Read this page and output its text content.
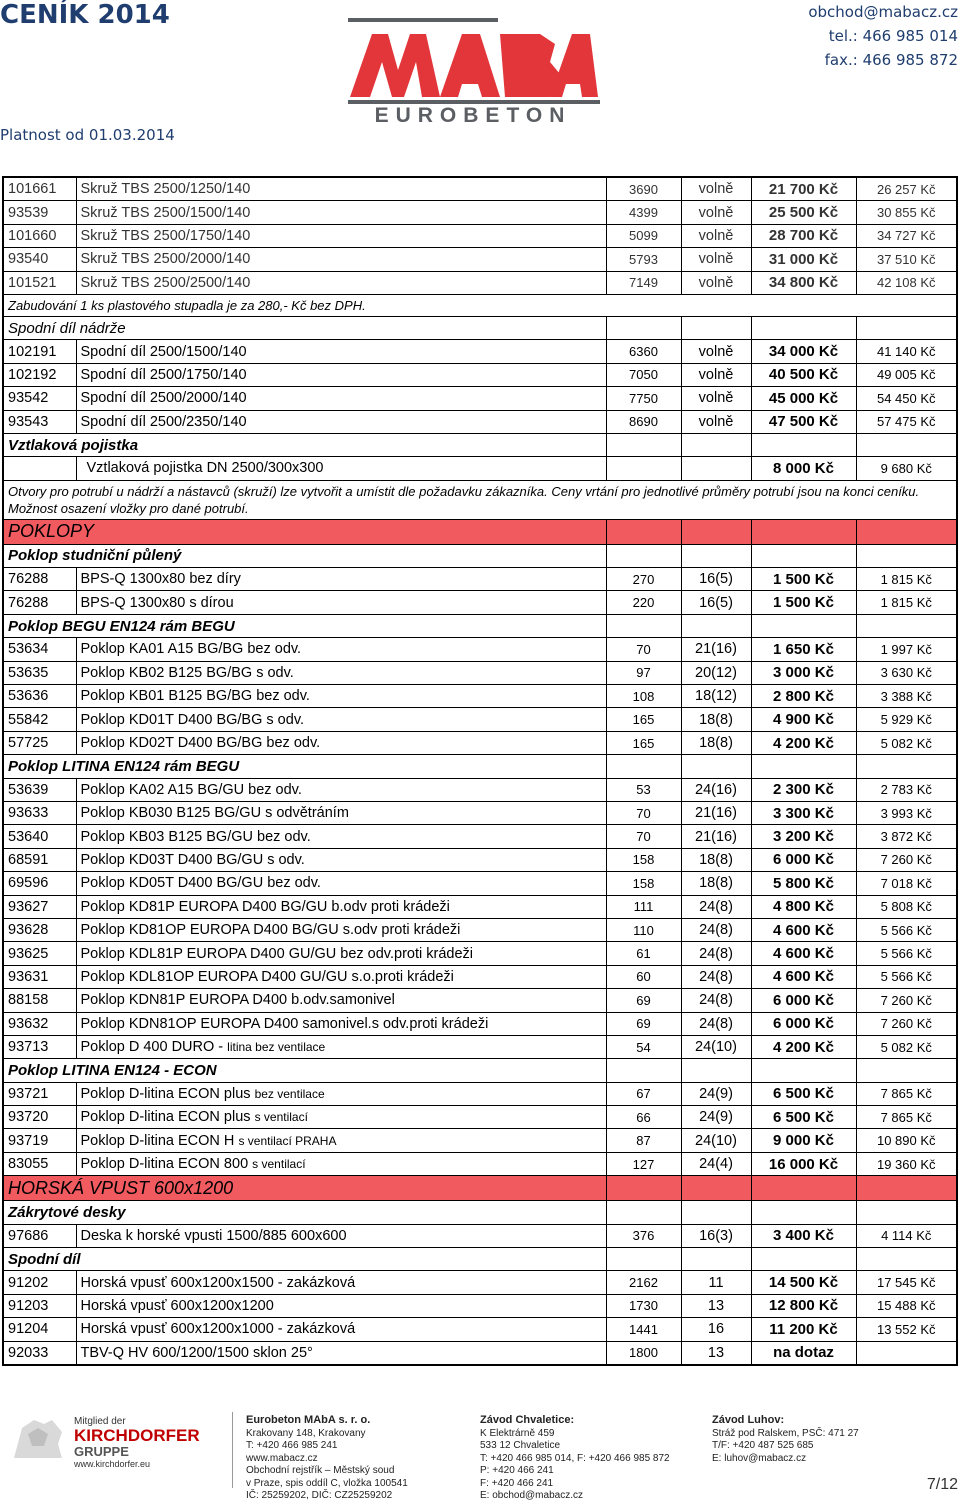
CENÍK 2014
Platnost od 01.03.2014
obchod@mabacz.cz
tel.: 466 985 014
fax.: 466 985 872
EUROBETON
101661	Skruž TBS 2500/1250/140	3690	volně	21 700 Kč	26 257 Kč
93539	Skruž TBS 2500/1500/140	4399	volně	25 500 Kč	30 855 Kč
101660	Skruž TBS 2500/1750/140	5099	volně	28 700 Kč	34 727 Kč
93540	Skruž TBS 2500/2000/140	5793	volně	31 000 Kč	37 510 Kč
101521	Skruž TBS 2500/2500/140	7149	volně	34 800 Kč	42 108 Kč
Zabudování 1 ks plastového stupadla je za 280,- Kč bez DPH.					
Spodní díl nádrže					
102191	Spodní díl 2500/1500/140	6360	volně	34 000 Kč	41 140 Kč
102192	Spodní díl 2500/1750/140	7050	volně	40 500 Kč	49 005 Kč
93542	Spodní díl 2500/2000/140	7750	volně	45 000 Kč	54 450 Kč
93543	Spodní díl 2500/2350/140	8690	volně	47 500 Kč	57 475 Kč
Vztlaková pojistka					
	Vztlaková pojistka DN 2500/300x300			8 000 Kč	9 680 Kč
Otvory pro potrubí u nádrží a nástavců (skruží) lze vytvořit a umístit dle požadavku zákazníka. Ceny vrtání pro jednotlivé průměry potrubí jsou na konci ceníku. Možnost osazení vložky pro dané potrubí.					
POKLOPY					
Poklop studniční půlený					
76288	BPS-Q 1300x80 bez díry	270	16(5)	1 500 Kč	1 815 Kč
76288	BPS-Q 1300x80 s dírou	220	16(5)	1 500 Kč	1 815 Kč
Poklop BEGU EN124 rám BEGU					
53634	Poklop KA01 A15 BG/BG bez odv.	70	21(16)	1 650 Kč	1 997 Kč
53635	Poklop KB02 B125 BG/BG s odv.	97	20(12)	3 000 Kč	3 630 Kč
53636	Poklop KB01 B125 BG/BG bez odv.	108	18(12)	2 800 Kč	3 388 Kč
55842	Poklop KD01T D400 BG/BG s odv.	165	18(8)	4 900 Kč	5 929 Kč
57725	Poklop KD02T D400 BG/BG bez odv.	165	18(8)	4 200 Kč	5 082 Kč
Poklop LITINA EN124 rám BEGU					
53639	Poklop KA02 A15 BG/GU bez odv.	53	24(16)	2 300 Kč	2 783 Kč
93633	Poklop KB030 B125 BG/GU s odvětráním	70	21(16)	3 300 Kč	3 993 Kč
53640	Poklop KB03 B125 BG/GU bez odv.	70	21(16)	3 200 Kč	3 872 Kč
68591	Poklop KD03T D400 BG/GU s odv.	158	18(8)	6 000 Kč	7 260 Kč
69596	Poklop KD05T D400 BG/GU bez odv.	158	18(8)	5 800 Kč	7 018 Kč
93627	Poklop KD81P EUROPA D400 BG/GU b.odv proti krádeži	111	24(8)	4 800 Kč	5 808 Kč
93628	Poklop KD81OP EUROPA D400 BG/GU s.odv proti krádeži	110	24(8)	4 600 Kč	5 566 Kč
93625	Poklop KDL81P EUROPA D400 GU/GU bez odv.proti krádeži	61	24(8)	4 600 Kč	5 566 Kč
93631	Poklop KDL81OP EUROPA D400 GU/GU s.o.proti krádeži	60	24(8)	4 600 Kč	5 566 Kč
88158	Poklop KDN81P EUROPA D400 b.odv.samonivel	69	24(8)	6 000 Kč	7 260 Kč
93632	Poklop KDN81OP EUROPA D400 samonivel.s odv.proti krádeži	69	24(8)	6 000 Kč	7 260 Kč
93713	Poklop D 400 DURO - litina bez ventilace	54	24(10)	4 200 Kč	5 082 Kč
Poklop LITINA EN124 - ECON					
93721	Poklop D-litina ECON plus bez ventilace	67	24(9)	6 500 Kč	7 865 Kč
93720	Poklop D-litina ECON plus s ventilací	66	24(9)	6 500 Kč	7 865 Kč
93719	Poklop D-litina ECON H s ventilací PRAHA	87	24(10)	9 000 Kč	10 890 Kč
83055	Poklop D-litina ECON 800 s ventilací	127	24(4)	16 000 Kč	19 360 Kč
HORSKÁ VPUST 600x1200					
Zákrytové desky					
97686	Deska k horské vpusti 1500/885 600x600	376	16(3)	3 400 Kč	4 114 Kč
Spodní díl					
91202	Horská vpusť 600x1200x1500 - zakázková	2162	11	14 500 Kč	17 545 Kč
91203	Horská vpusť 600x1200x1200	1730	13	12 800 Kč	15 488 Kč
91204	Horská vpusť 600x1200x1000 - zakázková	1441	16	11 200 Kč	13 552 Kč
92033	TBV-Q HV 600/1200/1500 sklon 25°	1800	13	na dotaz	
Mitglied der
KIRCHDORFER
GRUPPE
www.kirchdorfer.eu
Eurobeton MAbA s. r. o.
Krakovany 148, Krakovany
T: +420 466 985 241
www.mabacz.cz
Obchodní rejstřík – Městský soud
v Praze, spis oddíl C, vložka 100541
IČ: 25259202, DIČ: CZ25259202
Závod Chvaletice:
K Elektrárně 459
533 12 Chvaletice
T: +420 466 985 014, F: +420 466 985 872
P: +420 466 241
F: +420 466 241
E: obchod@mabacz.cz
Závod Luhov:
Stráž pod Ralskem, PSČ: 471 27
T/F: +420 487 525 685
E: luhov@mabacz.cz
7/12
